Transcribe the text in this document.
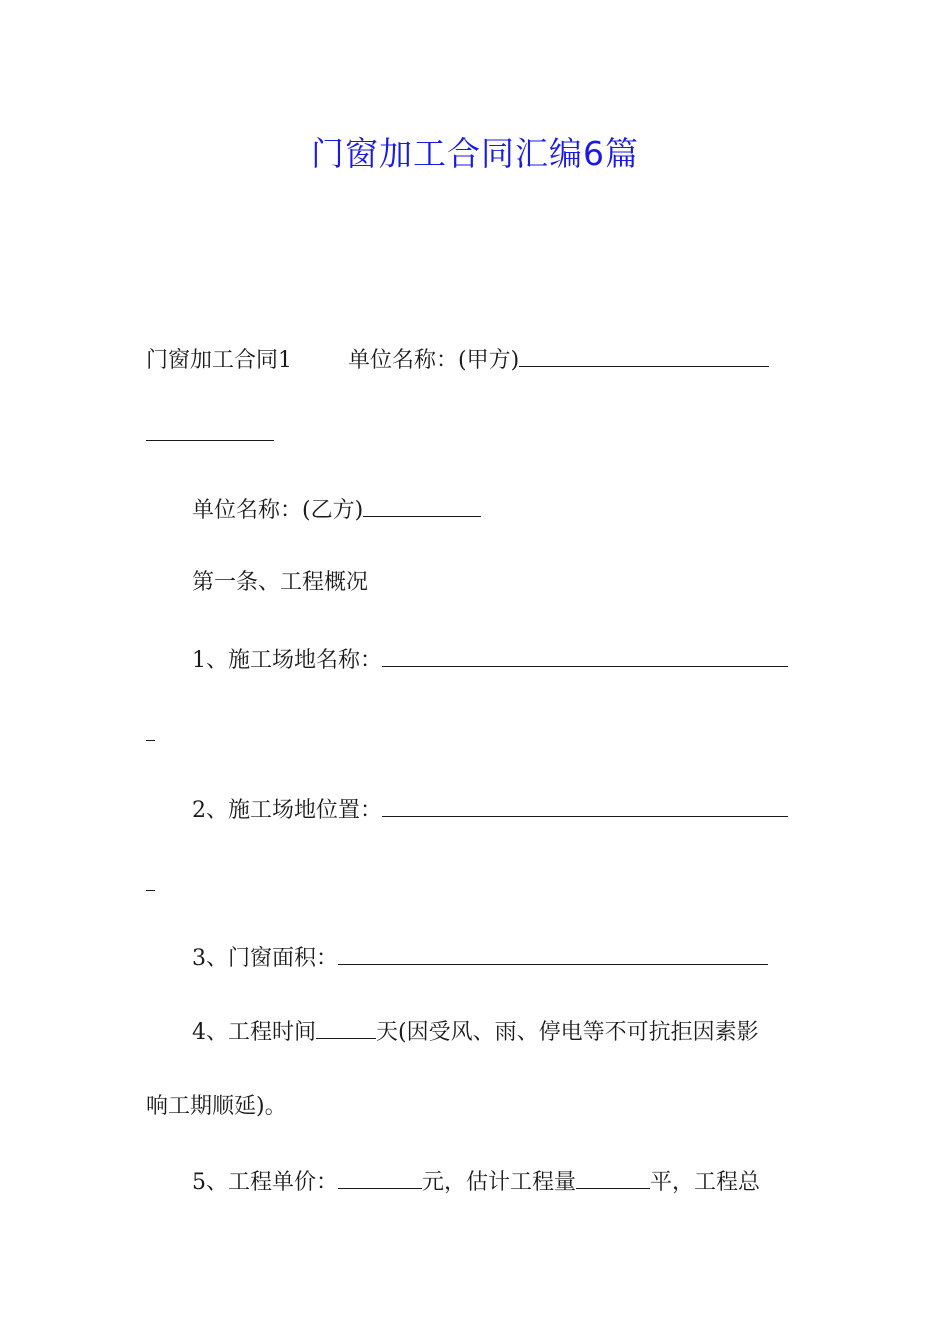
门窗加工合同汇编6篇
门窗加工合同1	单位名称：(甲方)
单位名称：(乙方)
第一条、工程概况
1、施工场地名称：
2、施工场地位置：
3、门窗面积：
4、工程时间	天(因受风、雨、停电等不可抗拒因素影
响工期顺延)。
5、工程单价：	元，估计工程量	平，工程总
